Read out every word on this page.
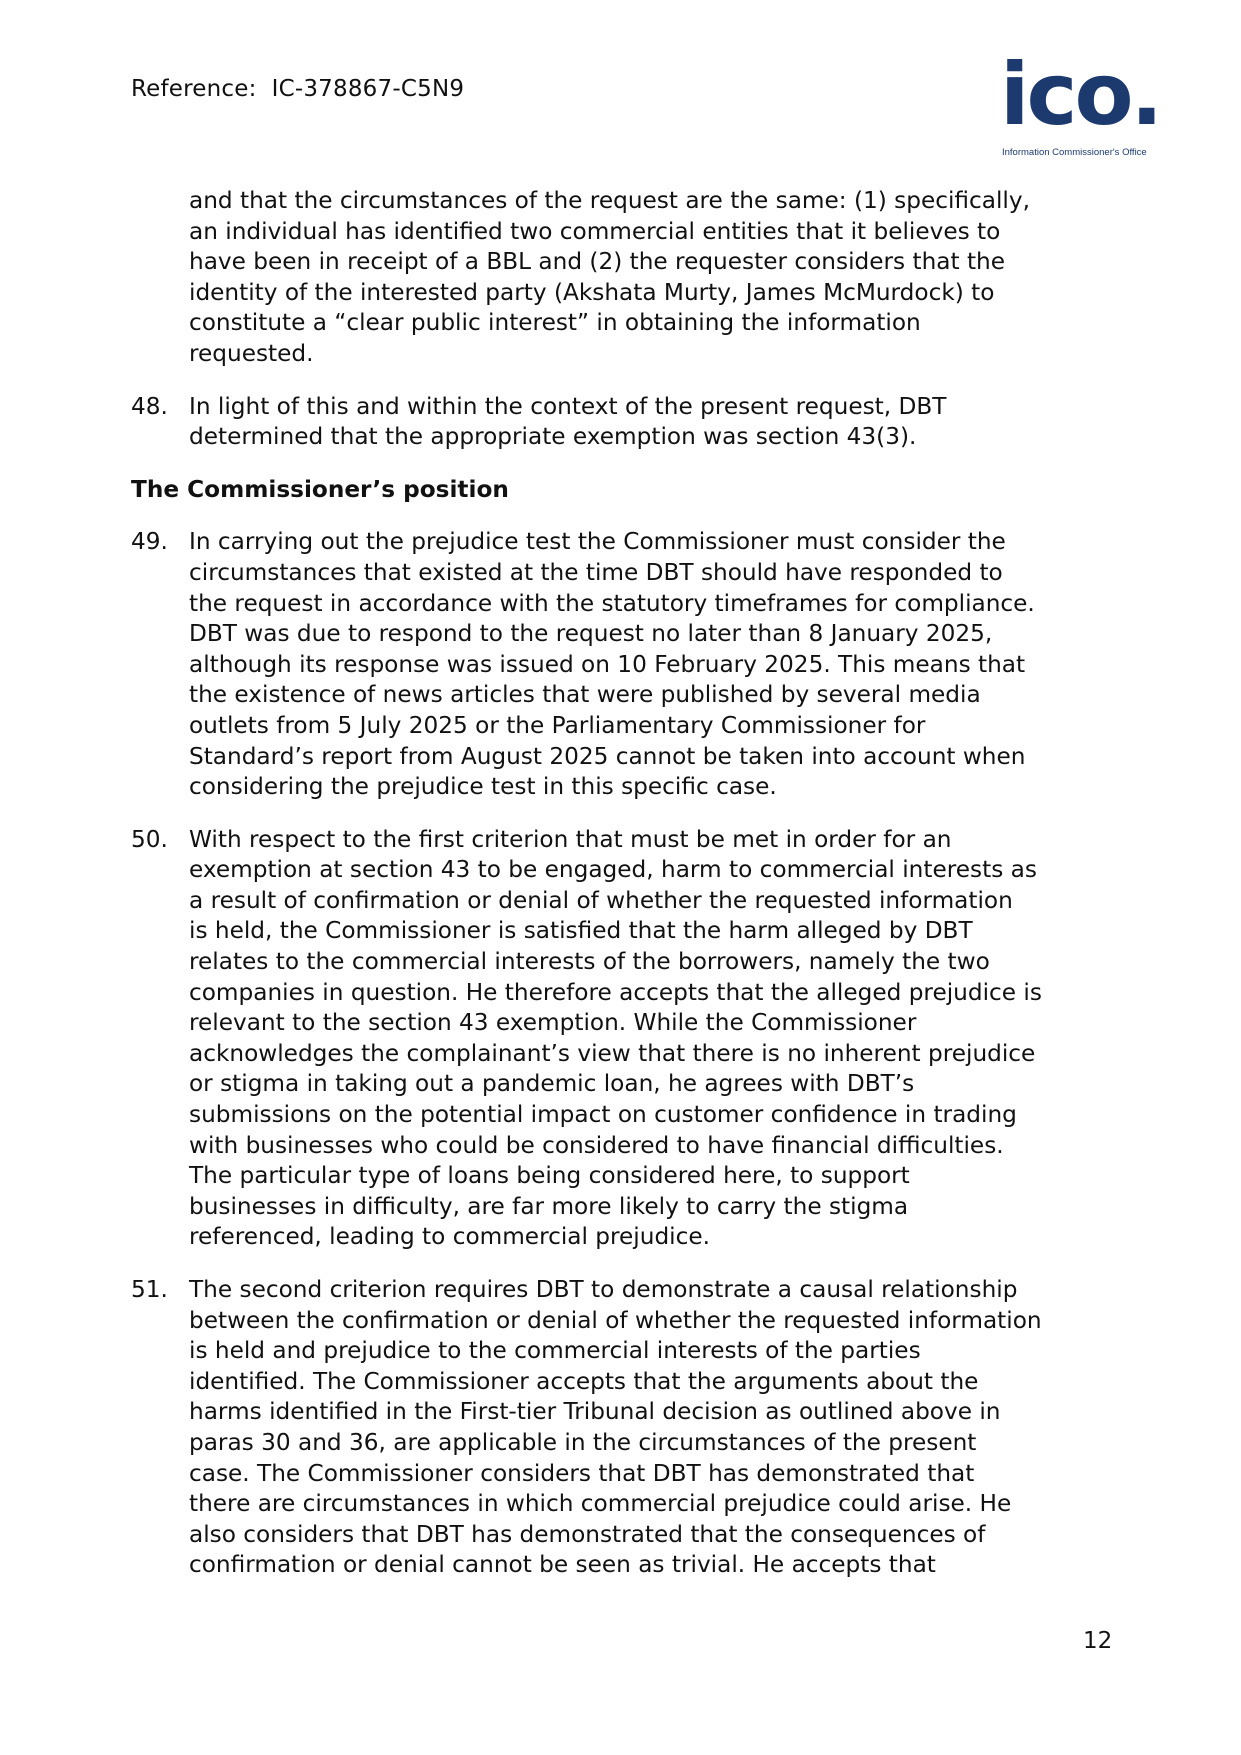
Reference: IC-378867-C5N9	ico.
Information Commissioner's Office
and that the circumstances of the request are the same: (1) specifically,
an individual has identified two commercial entities that it believes to
have been in receipt of a BBL and (2) the requester considers that the
identity of the interested party (Akshata Murty, James McMurdock) to
constitute a “clear public interest” in obtaining the information
requested.
48. In light of this and within the context of the present request, DBT
determined that the appropriate exemption was section 43(3).
The Commissioner’s position
49. In carrying out the prejudice test the Commissioner must consider the
circumstances that existed at the time DBT should have responded to
the request in accordance with the statutory timeframes for compliance.
DBT was due to respond to the request no later than 8 January 2025,
although its response was issued on 10 February 2025. This means that
the existence of news articles that were published by several media
outlets from 5 July 2025 or the Parliamentary Commissioner for
Standard’s report from August 2025 cannot be taken into account when
considering the prejudice test in this specific case.
50. With respect to the first criterion that must be met in order for an
exemption at section 43 to be engaged, harm to commercial interests as
a result of confirmation or denial of whether the requested information
is held, the Commissioner is satisfied that the harm alleged by DBT
relates to the commercial interests of the borrowers, namely the two
companies in question. He therefore accepts that the alleged prejudice is
relevant to the section 43 exemption. While the Commissioner
acknowledges the complainant’s view that there is no inherent prejudice
or stigma in taking out a pandemic loan, he agrees with DBT’s
submissions on the potential impact on customer confidence in trading
with businesses who could be considered to have financial difficulties.
The particular type of loans being considered here, to support
businesses in difficulty, are far more likely to carry the stigma
referenced, leading to commercial prejudice.
51. The second criterion requires DBT to demonstrate a causal relationship
between the confirmation or denial of whether the requested information
is held and prejudice to the commercial interests of the parties
identified. The Commissioner accepts that the arguments about the
harms identified in the First-tier Tribunal decision as outlined above in
paras 30 and 36, are applicable in the circumstances of the present
case. The Commissioner considers that DBT has demonstrated that
there are circumstances in which commercial prejudice could arise. He
also considers that DBT has demonstrated that the consequences of
confirmation or denial cannot be seen as trivial. He accepts that
12
